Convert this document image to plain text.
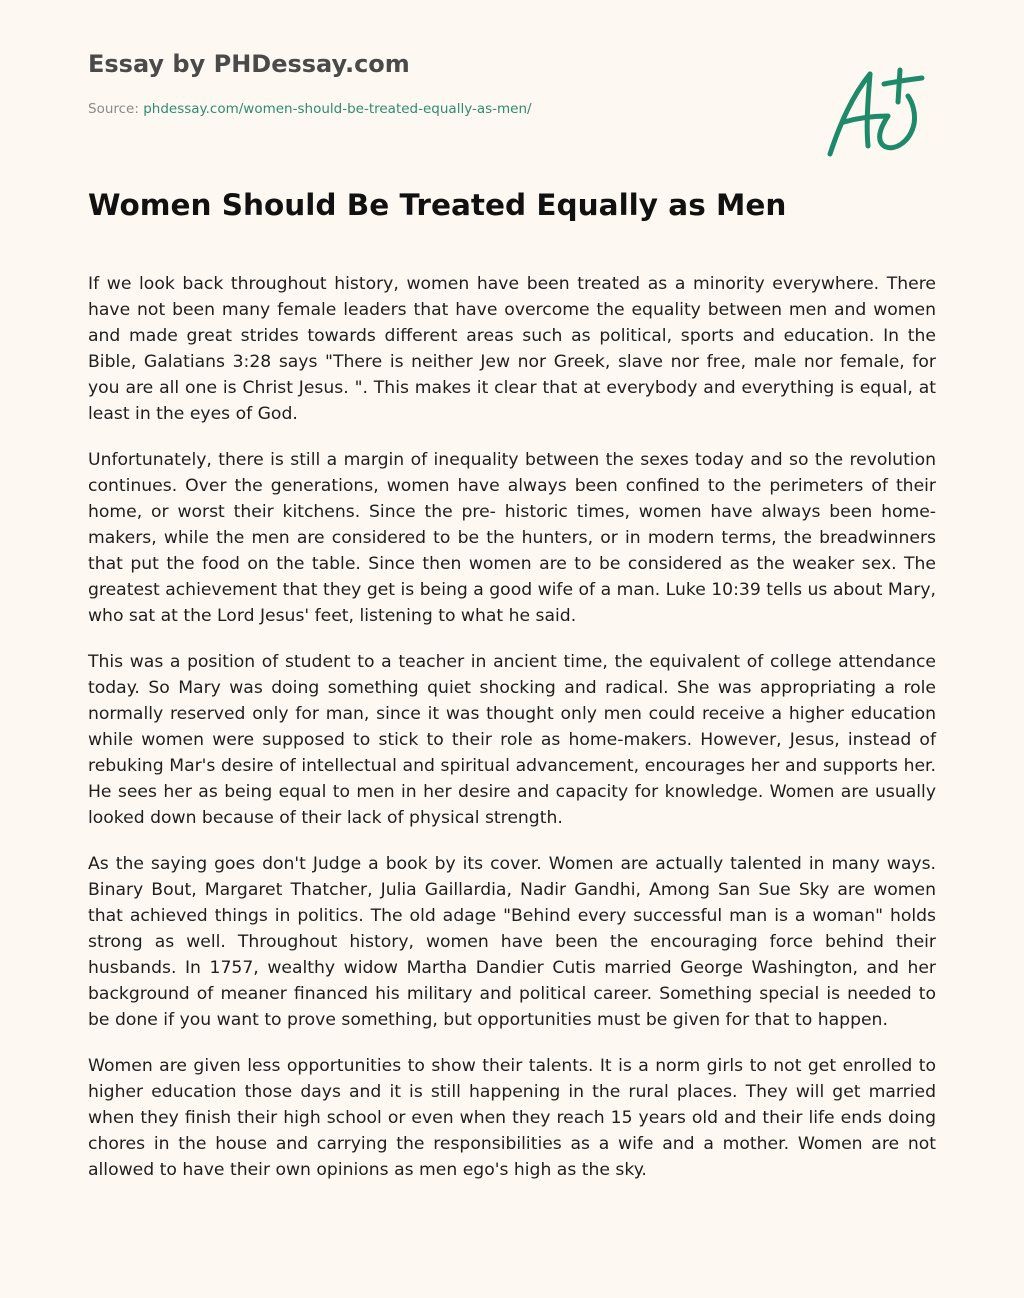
Essay by PHDessay.com
Source: phdessay.com/women-should-be-treated-equally-as-men/
Women Should Be Treated Equally as Men

If we look back throughout history, women have been treated as a minority everywhere. There have not been many female leaders that have overcome the equality between men and women and made great strides towards different areas such as political, sports and education. In the Bible, Galatians 3:28 says "There is neither Jew nor Greek, slave nor free, male nor female, for you are all one is Christ Jesus. ". This makes it clear that at everybody and everything is equal, at least in the eyes of God.

Unfortunately, there is still a margin of inequality between the sexes today and so the revolution continues. Over the generations, women have always been confined to the perimeters of their home, or worst their kitchens. Since the pre- historic times, women have always been home-makers, while the men are considered to be the hunters, or in modern terms, the breadwinners that put the food on the table. Since then women are to be considered as the weaker sex. The greatest achievement that they get is being a good wife of a man. Luke 10:39 tells us about Mary, who sat at the Lord Jesus' feet, listening to what he said.

This was a position of student to a teacher in ancient time, the equivalent of college attendance today. So Mary was doing something quiet shocking and radical. She was appropriating a role normally reserved only for man, since it was thought only men could receive a higher education while women were supposed to stick to their role as home-makers. However, Jesus, instead of rebuking Mar's desire of intellectual and spiritual advancement, encourages her and supports her. He sees her as being equal to men in her desire and capacity for knowledge. Women are usually looked down because of their lack of physical strength.

As the saying goes don't Judge a book by its cover. Women are actually talented in many ways. Binary Bout, Margaret Thatcher, Julia Gaillardia, Nadir Gandhi, Among San Sue Sky are women that achieved things in politics. The old adage "Behind every successful man is a woman" holds strong as well. Throughout history, women have been the encouraging force behind their husbands. In 1757, wealthy widow Martha Dandier Cutis married George Washington, and her background of meaner financed his military and political career. Something special is needed to be done if you want to prove something, but opportunities must be given for that to happen.

Women are given less opportunities to show their talents. It is a norm girls to not get enrolled to higher education those days and it is still happening in the rural places. They will get married when they finish their high school or even when they reach 15 years old and their life ends doing chores in the house and carrying the responsibilities as a wife and a mother. Women are not allowed to have their own opinions as men ego's high as the sky.
